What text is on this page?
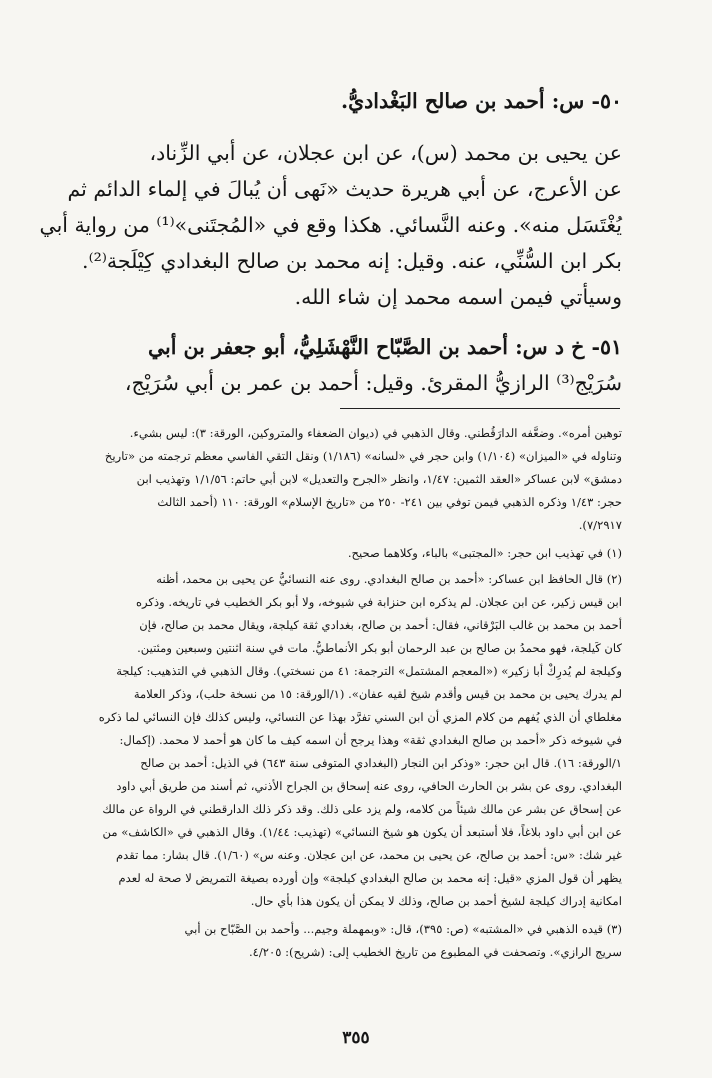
٥٠- س: أحمد بن صالح البَغْداديُّ.
عن يحيى بن محمد (س)، عن ابن عجلان، عن أبي الزِّناد،
عن الأعرج، عن أبي هريرة حديث «نَهى أن يُبالَ في إلماء الدائم ثم
يُغْتَسَل منه». وعنه النَّسائي. هكذا وقع في «المُجتَنى»⁽¹⁾ من رواية أبي
بكر ابن السُّنِّي، عنه. وقيل: إنه محمد بن صالح البغدادي كِيْلَجة⁽²⁾.
وسيأتي فيمن اسمه محمد إن شاء الله.
٥١- خ د س: أحمد بن الصَّبّاح النَّهْشَلِيُّ، أبو جعفر بن أبي
سُرَيْج⁽³⁾ الرازيُّ المقرئ. وقيل: أحمد بن عمر بن أبي سُرَيْج،
توهين أمره». وضعَّفه الدارَقُطني. وقال الذهبي في (ديوان الضعفاء والمتروكين، الورقة: ٣): ليس بشيء.
وتناوله في «الميزان» (١/١٠٤) وابن حجر في «لسانه» (١/١٨٦) ونقل التقي الفاسي معظم ترجمته من «تاريخ
دمشق» لابن عساكر «العقد الثمين: ١/٤٧، وانظر «الجرح والتعديل» لابن أبي حاتم: ١/١/٥٦ وتهذيب ابن
حجر: ١/٤٣ وذكره الذهبي فيمن توفي بين ٢٤١- ٢٥٠ من «تاريخ الإسلام» الورقة: ١١٠ (أحمد الثالث
٧/٢٩١٧).
(١) في تهذيب ابن حجر: «المجتبى» بالباء، وكلاهما صحيح.
(٢) قال الحافظ ابن عساكر: «أحمد بن صالح البغدادي. روى عنه النسائيُّ عن يحيى بن محمد، أظنه
ابن قيس زكير، عن ابن عجلان. لم يذكره ابن حنزابة في شيوخه، ولا أبو بكر الخطيب في تاريخه. وذكره
أحمد بن محمد بن غالب البَرْقاني، فقال: أحمد بن صالح، بغدادي ثقة كيلجة، ويقال محمد بن صالح، فإن
كان كَيلجة، فهو محمدُ بن صالح بن عبد الرحمان أبو بكر الأنماطيُّ. مات في سنة اثنتين وسبعين ومئتين.
وكيلجة لم يُدرِكْ أبا زكير» («المعجم المشتمل» الترجمة: ٤١ من نسختي). وقال الذهبي في التذهيب: كيلجة
لم يدرك يحيى بن محمد بن قيس وأقدم شيخ لقيه عفان». (١/الورقة: ١٥ من نسخة حلب)، وذكر العلامة
مغلطاي أن الذي يُفهم من كلام المزي أن ابن السني تفرَّد بهذا عن النسائي، وليس كذلك فإن النسائي لما ذكره
في شيوخه ذكر «أحمد بن صالح البغدادي ثقة» وهذا يرجح أن اسمه كيف ما كان هو أحمد لا محمد. (إكمال:
١/الورقة: ١٦). قال ابن حجر: «وذكر ابن النجار (البغدادي المتوفى سنة ٦٤٣) في الذيل: أحمد بن صالح
البغدادي. روى عن بشر بن الحارث الحافي، روى عنه إسحاق بن الجراح الأذني، ثم أسند من طريق أبي داود
عن إسحاق عن بشر عن مالك شيئاً من كلامه، ولم يزد على ذلك. وقد ذكر ذلك الدارقطني في الرواة عن مالك
عن ابن أبي داود بلاغاً، فلا أستبعد أن يكون هو شيخ النسائي» (تهذيب: ١/٤٤). وقال الذهبي في «الكاشف» من
غير شك: «س: أحمد بن صالح، عن يحيى بن محمد، عن ابن عجلان. وعنه س» (١/٦٠). قال بشار: مما تقدم
يظهر أن قول المزي «قيل: إنه محمد بن صالح البغدادي كيلجة» وإن أورده بصيغة التمريض لا صحة له لعدم
امكانية إدراك كيلجة لشيخ أحمد بن صالح، وذلك لا يمكن أن يكون هذا بأي حال.
(٣) قيده الذهبي في «المشتبه» (ص: ٣٩٥)، قال: «وبمهملة وجيم... وأحمد بن الصَّبّاح بن أبي
سريج الرازي». وتصحفت في المطبوع من تاريخ الخطيب إلى: (شريح): ٤/٢٠٥.
٣٥٥
